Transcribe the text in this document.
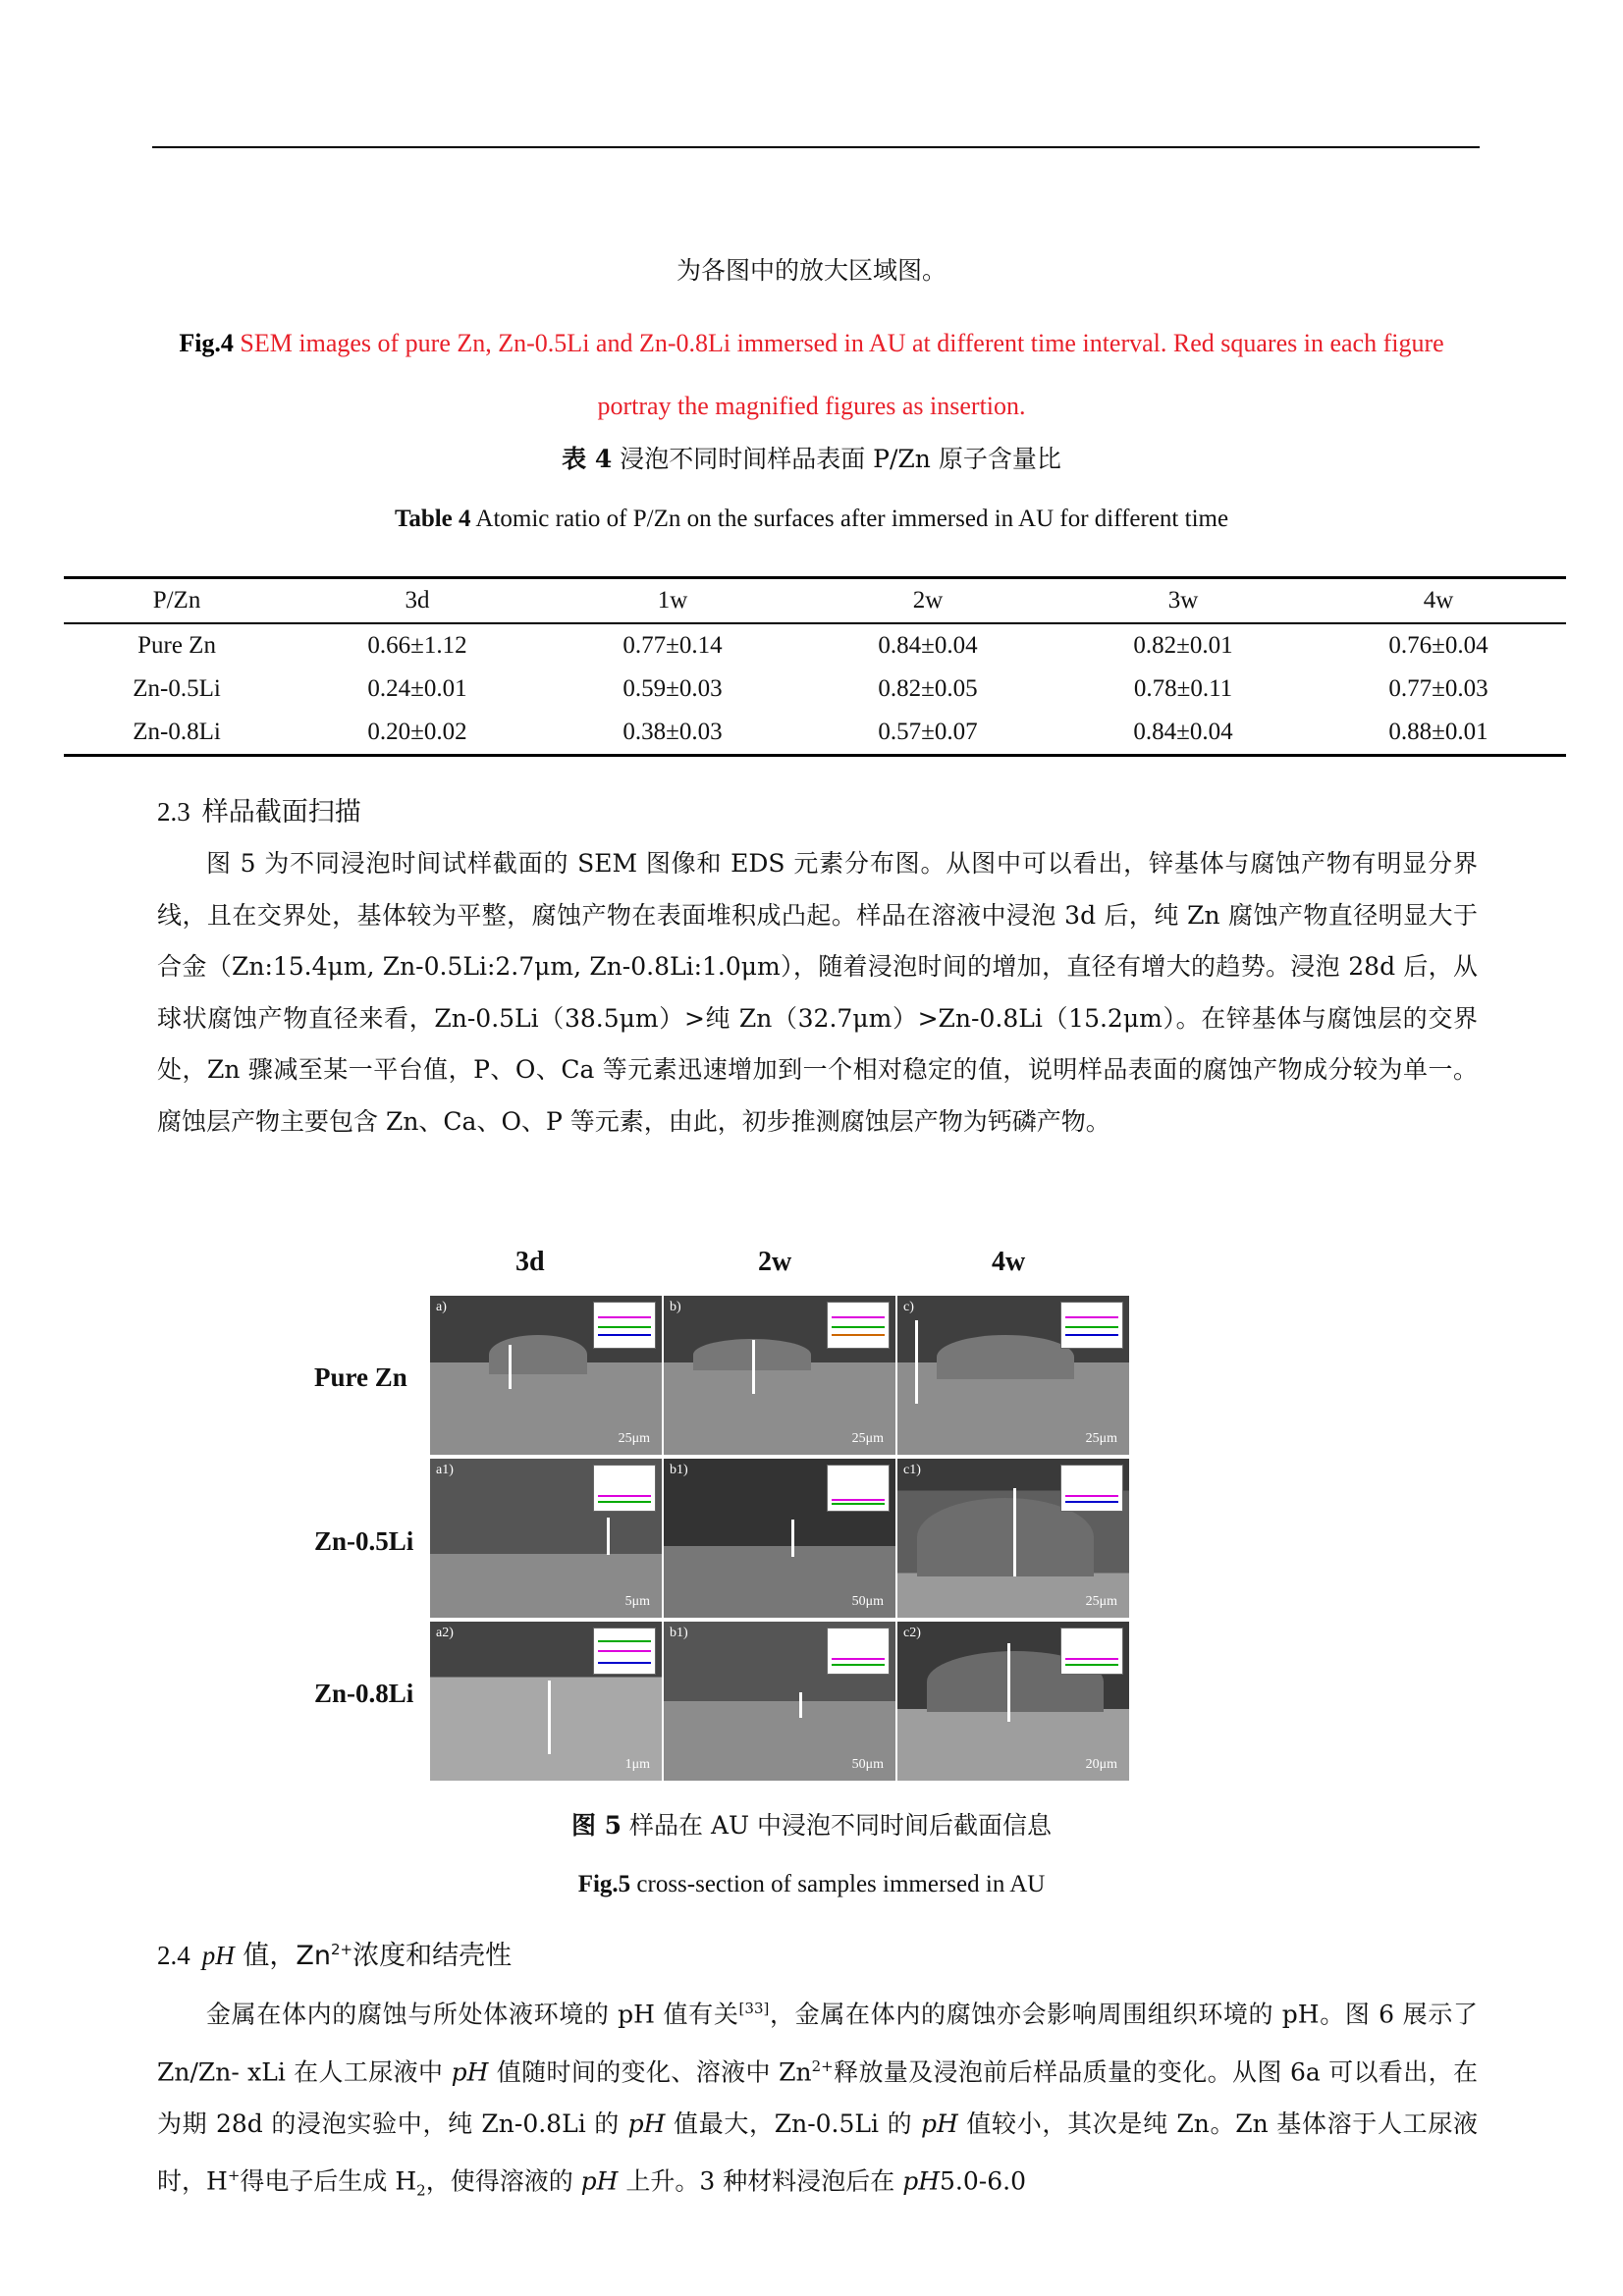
为各图中的放大区域图。
Fig.4 SEM images of pure Zn, Zn-0.5Li and Zn-0.8Li immersed in AU at different time interval. Red squares in each figure portray the magnified figures as insertion.
表 4 浸泡不同时间样品表面 P/Zn 原子含量比
Table 4 Atomic ratio of P/Zn on the surfaces after immersed in AU for different time
P/Zn	3d	1w	2w	3w	4w
Pure Zn	0.66±1.12	0.77±0.14	0.84±0.04	0.82±0.01	0.76±0.04
Zn-0.5Li	0.24±0.01	0.59±0.03	0.82±0.05	0.78±0.11	0.77±0.03
Zn-0.8Li	0.20±0.02	0.38±0.03	0.57±0.07	0.84±0.04	0.88±0.01
2.3 样品截面扫描

图 5 为不同浸泡时间试样截面的 SEM 图像和 EDS 元素分布图。从图中可以看出，锌基体与腐蚀产物有明显分界线，且在交界处，基体较为平整，腐蚀产物在表面堆积成凸起。样品在溶液中浸泡 3d 后，纯 Zn 腐蚀产物直径明显大于合金（Zn:15.4μm, Zn-0.5Li:2.7μm, Zn-0.8Li:1.0μm），随着浸泡时间的增加，直径有增大的趋势。浸泡 28d 后，从球状腐蚀产物直径来看，Zn-0.5Li（38.5μm）>纯 Zn（32.7μm）>Zn-0.8Li（15.2μm）。在锌基体与腐蚀层的交界处，Zn 骤减至某一平台值，P、O、Ca 等元素迅速增加到一个相对稳定的值，说明样品表面的腐蚀产物成分较为单一。腐蚀层产物主要包含 Zn、Ca、O、P 等元素，由此，初步推测腐蚀层产物为钙磷产物。

3d	2w	4w
Pure Zn
Zn-0.5Li
Zn-0.8Li
a)
25μm
b)
25μm
c)
25μm
a1)
5μm
b1)
50μm
c1)
25μm
a2)
1μm
b1)
50μm
c2)
20μm
图 5 样品在 AU 中浸泡不同时间后截面信息
Fig.5 cross-section of samples immersed in AU
2.4 pH 值，$Zn^{2+}$浓度和结壳性

金属在体内的腐蚀与所处体液环境的 pH 值有关[33]，金属在体内的腐蚀亦会影响周围组织环境的 pH。图 6 展示了 Zn/Zn- xLi 在人工尿液中 pH 值随时间的变化、溶液中 $Zn^{2+}$释放量及浸泡前后样品质量的变化。从图 6a 可以看出，在为期 28d 的浸泡实验中，纯 Zn-0.8Li 的 pH 值最大，Zn-0.5Li 的 pH 值较小，其次是纯 Zn。Zn 基体溶于人工尿液时，H+得电子后生成 $H_2$，使得溶液的 pH 上升。3 种材料浸泡后在 pH5.0-6.0
